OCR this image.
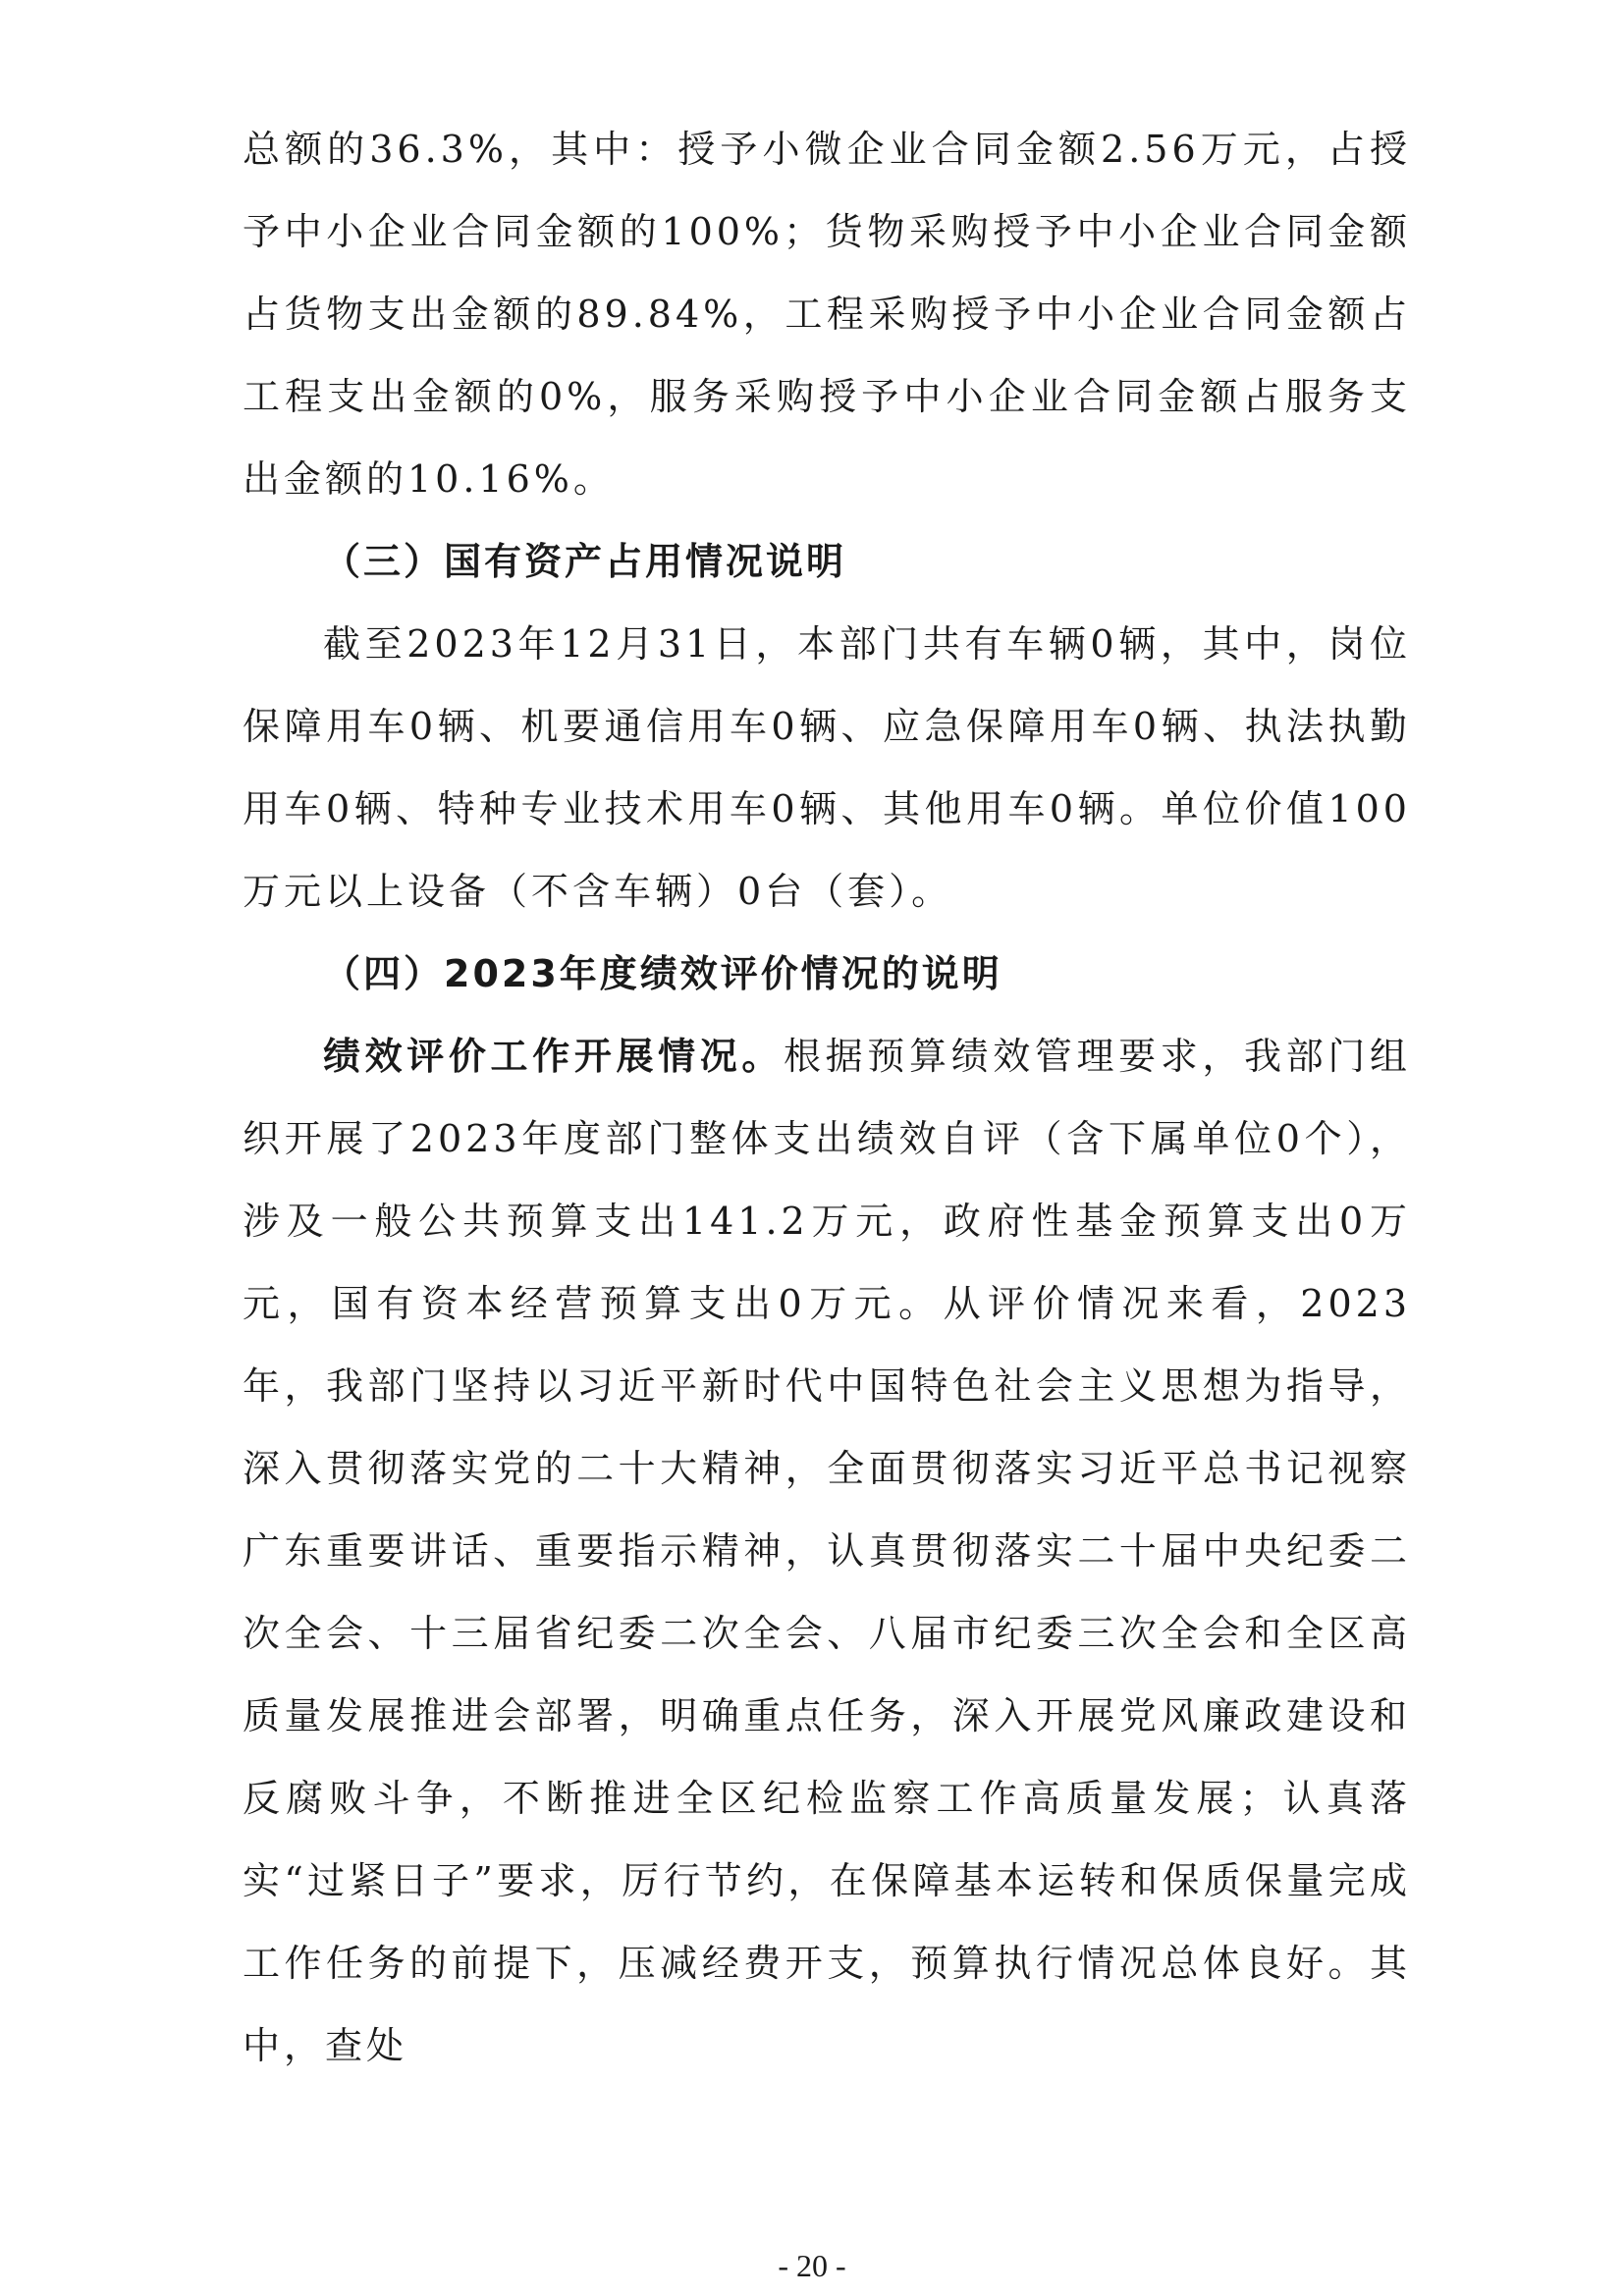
总额的36.3%，其中：授予小微企业合同金额2.56万元，占授予中小企业合同金额的100%；货物采购授予中小企业合同金额占货物支出金额的89.84%，工程采购授予中小企业合同金额占工程支出金额的0%，服务采购授予中小企业合同金额占服务支出金额的10.16%。

（三）国有资产占用情况说明

截至2023年12月31日，本部门共有车辆0辆，其中，岗位保障用车0辆、机要通信用车0辆、应急保障用车0辆、执法执勤用车0辆、特种专业技术用车0辆、其他用车0辆。单位价值100万元以上设备（不含车辆）0台（套）。

（四）2023年度绩效评价情况的说明

绩效评价工作开展情况。根据预算绩效管理要求，我部门组织开展了2023年度部门整体支出绩效自评（含下属单位0个），涉及一般公共预算支出141.2万元，政府性基金预算支出0万元，国有资本经营预算支出0万元。从评价情况来看，2023年，我部门坚持以习近平新时代中国特色社会主义思想为指导，深入贯彻落实党的二十大精神，全面贯彻落实习近平总书记视察广东重要讲话、重要指示精神，认真贯彻落实二十届中央纪委二次全会、十三届省纪委二次全会、八届市纪委三次全会和全区高质量发展推进会部署，明确重点任务，深入开展党风廉政建设和反腐败斗争，不断推进全区纪检监察工作高质量发展；认真落实“过紧日子”要求，厉行节约，在保障基本运转和保质保量完成工作任务的前提下，压减经费开支，预算执行情况总体良好。其中，查处

- 20 -
